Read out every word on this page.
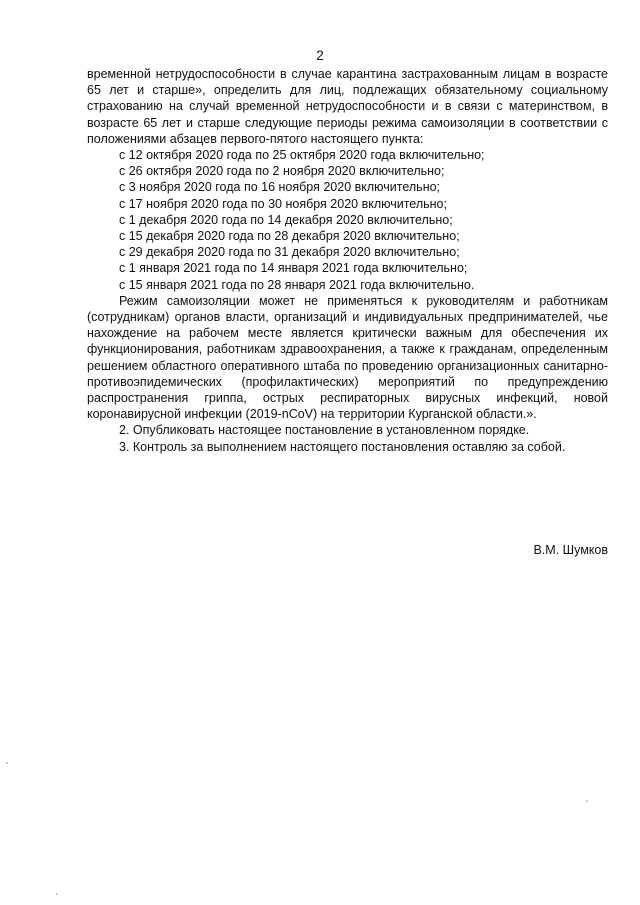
2

временной нетрудоспособности в случае карантина застрахованным лицам в возрасте 65 лет и старше», определить для лиц, подлежащих обязательному социальному страхованию на случай временной нетрудоспособности и в связи с материнством, в возрасте 65 лет и старше следующие периоды режима самоизоляции в соответствии с положениями абзацев первого-пятого настоящего пункта:

с 12 октября 2020 года по 25 октября 2020 года включительно;
с 26 октября 2020 года по 2 ноября 2020 включительно;
с 3 ноября 2020 года по 16 ноября 2020 включительно;
с 17 ноября 2020 года по 30 ноября 2020 включительно;
с 1 декабря 2020 года по 14 декабря 2020 включительно;
с 15 декабря 2020 года по 28 декабря 2020 включительно;
с 29 декабря 2020 года по 31 декабря 2020 включительно;
с 1 января 2021 года по 14 января 2021 года включительно;
с 15 января 2021 года по 28 января 2021 года включительно.

Режим самоизоляции может не применяться к руководителям и работникам (сотрудникам) органов власти, организаций и индивидуальных предпринимателей, чье нахождение на рабочем месте является критически важным для обеспечения их функционирования, работникам здравоохранения, а также к гражданам, определенным решением областного оперативного штаба по проведению организационных санитарно-противоэпидемических (профилактических) мероприятий по предупреждению распространения гриппа, острых респираторных вирусных инфекций, новой коронавирусной инфекции (2019-nCoV) на территории Курганской области.».

2. Опубликовать настоящее постановление в установленном порядке.

3. Контроль за выполнением настоящего постановления оставляю за собой.

В.М. Шумков
